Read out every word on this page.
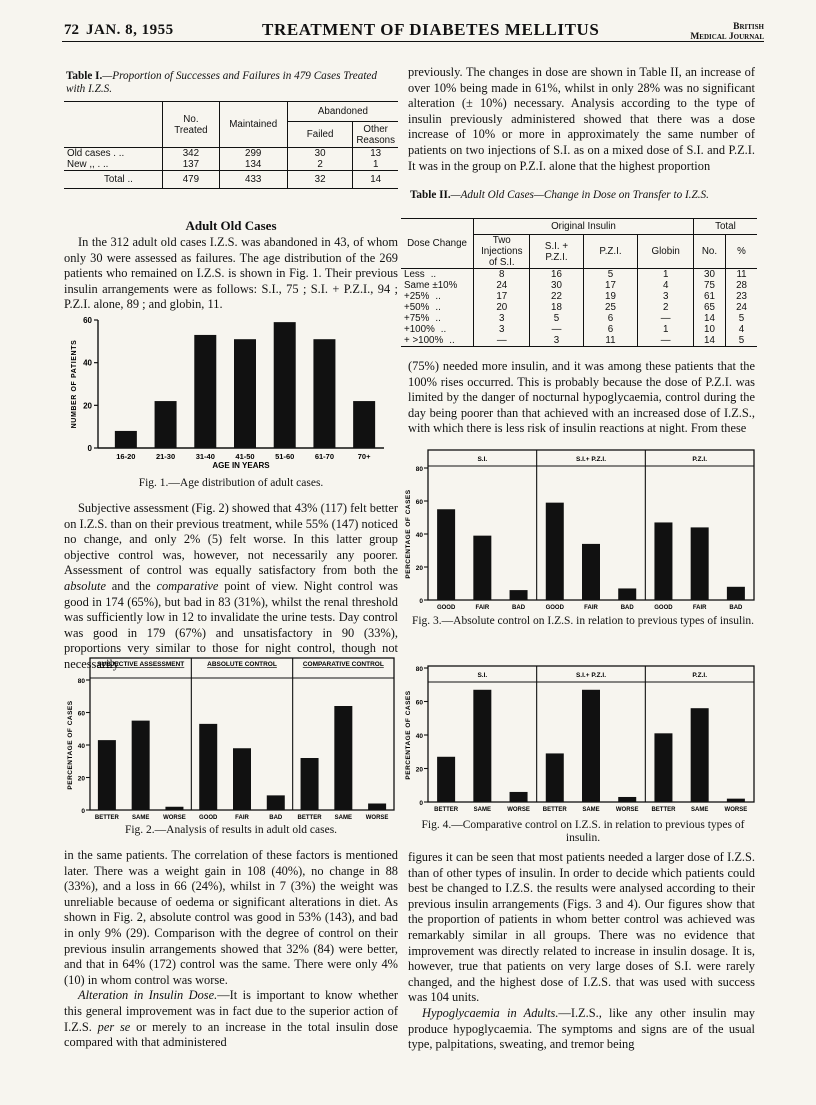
72 JAN. 8, 1955	TREATMENT OF DIABETES MELLITUS	British
Medical Journal
Table I.—Proportion of Successes and Failures in 479 Cases Treated with I.Z.S.
	No. Treated	Maintained	Abandoned	
			Failed	Other Reasons
Old cases . ..	342	299	30	13
New ,, . ..	137	134	2	1
Total ..	479	433	32	14
Adult Old Cases

In the 312 adult old cases I.Z.S. was abandoned in 43, of whom only 30 were assessed as failures. The age distribution of the 269 patients who remained on I.Z.S. is shown in Fig. 1. Their previous insulin arrangements were as follows: S.I., 75 ; S.I. + P.Z.I., 94 ; P.Z.I. alone, 89 ; and globin, 11.

0
20
40
60
16-20	21-30	31-40	41-50	51-60	61-70	70+
NUMBER OF PATIENTS
AGE IN YEARS
Fig. 1.—Age distribution of adult cases.

Subjective assessment (Fig. 2) showed that 43% (117) felt better on I.Z.S. than on their previous treatment, while 55% (147) noticed no change, and only 2% (5) felt worse. In this latter group objective control was, however, not necessarily any poorer. Assessment of control was equally satisfactory from both the absolute and the comparative point of view. Night control was good in 174 (65%), but bad in 83 (31%), whilst the renal threshold was sufficiently low in 12 to invalidate the urine tests. Day control was good in 179 (67%) and unsatisfactory in 90 (33%), proportions very similar to those for night control, though not necessarily

0
20
40
60
80
PERCENTAGE OF CASES
SUBJECTIVE ASSESSMENT
BETTER SAME WORSE
ABSOLUTE CONTROL
GOOD	FAIR	BAD
COMPARATIVE CONTROL
BETTER SAME WORSE
Fig. 2.—Analysis of results in adult old cases.

in the same patients. The correlation of these factors is mentioned later. There was a weight gain in 108 (40%), no change in 88 (33%), and a loss in 66 (24%), whilst in 7 (3%) the weight was unreliable because of oedema or significant alterations in diet. As shown in Fig. 2, absolute control was good in 53% (143), and bad in only 9% (29). Comparison with the degree of control on their previous insulin arrangements showed that 32% (84) were better, and that in 64% (172) control was the same. There were only 4% (10) in whom control was worse.

Alteration in Insulin Dose.—It is important to know whether this general improvement was in fact due to the superior action of I.Z.S. per se or merely to an increase in the total insulin dose compared with that administered

previously. The changes in dose are shown in Table II, an increase of over 10% being made in 61%, whilst in only 28% was no significant alteration (± 10%) necessary. Analysis according to the type of insulin previously administered showed that there was a dose increase of 10% or more in approximately the same number of patients on two injections of S.I. as on a mixed dose of S.I. and P.Z.I. It was in the group on P.Z.I. alone that the highest proportion

Table II.—Adult Old Cases—Change in Dose on Transfer to I.Z.S.
Dose Change	Original Insulin				Total	
	Two Injections of S.I.	S.I. + P.Z.I.	P.Z.I.	Globin	No.	%
Less ..	8	16	5	1	30	11
Same ±10%	24	30	17	4	75	28
+25% ..	17	22	19	3	61	23
+50% ..	20	18	25	2	65	24
+75% ..	3	5	6	—	14	5
+100% ..	3	—	6	1	10	4
+ >100% ..	—	3	11	—	14	5

(75%) needed more insulin, and it was among these patients that the 100% rises occurred. This is probably because the dose of P.Z.I. was limited by the danger of nocturnal hypoglycaemia, control during the day being poorer than that achieved with an increased dose of I.Z.S., with which there is less risk of insulin reactions at night. From these

0
20
40
60
80
PERCENTAGE OF CASES
S.I.
GOOD	FAIR	BAD
S.I.+ P.Z.I.
GOOD	FAIR	BAD
P.Z.I.
GOOD	FAIR	BAD
Fig. 3.—Absolute control on I.Z.S. in relation to previous types of insulin.
0
20
40
60
80
PERCENTAGE OF CASES
S.I.
BETTER	SAME	WORSE
S.I.+ P.Z.I.
BETTER	SAME	WORSE
P.Z.I.
BETTER	SAME	WORSE
Fig. 4.—Comparative control on I.Z.S. in relation to previous types of insulin.

figures it can be seen that most patients needed a larger dose of I.Z.S. than of other types of insulin. In order to decide which patients could best be changed to I.Z.S. the results were analysed according to their previous insulin arrangements (Figs. 3 and 4). Our figures show that the proportion of patients in whom better control was achieved was remarkably similar in all groups. There was no evidence that improvement was directly related to increase in insulin dosage. It is, however, true that patients on very large doses of S.I. were rarely changed, and the highest dose of I.Z.S. that was used with success was 104 units.

Hypoglycaemia in Adults.—I.Z.S., like any other insulin may produce hypoglycaemia. The symptoms and signs are of the usual type, palpitations, sweating, and tremor being
